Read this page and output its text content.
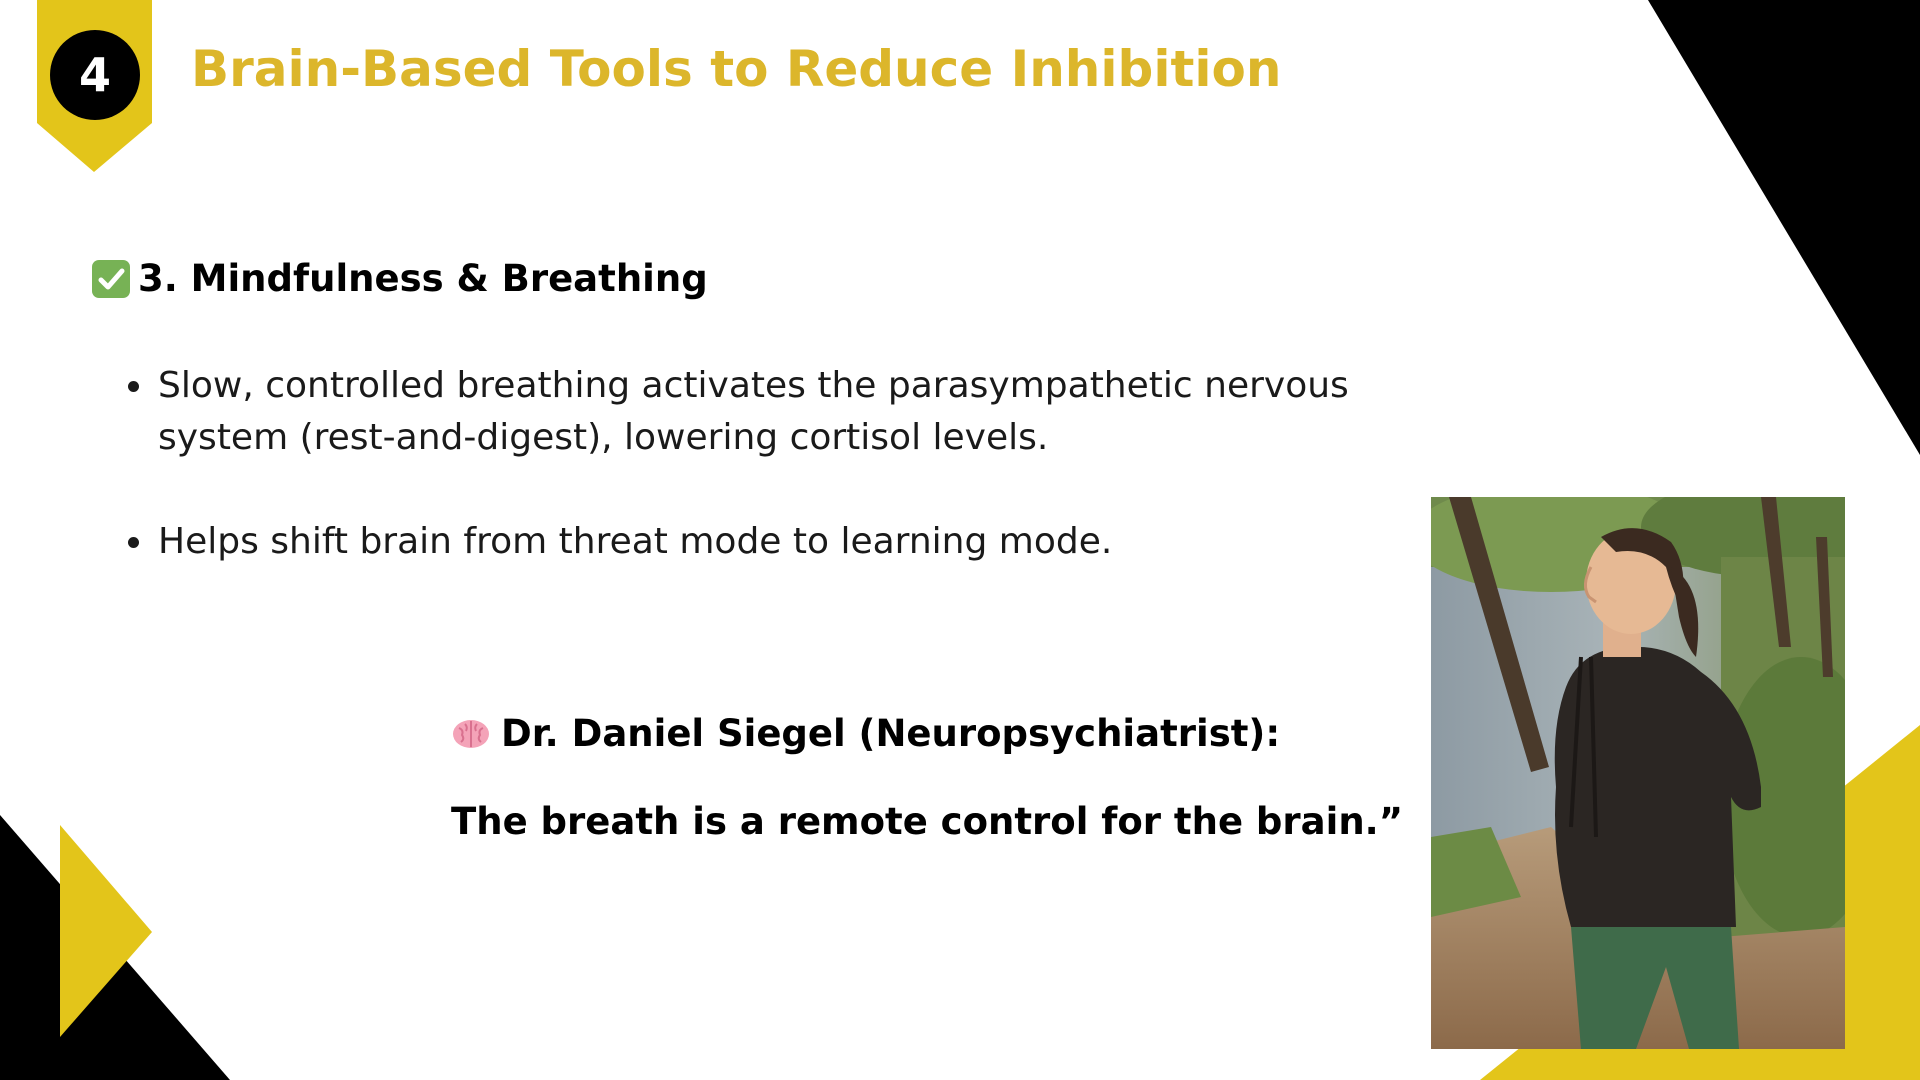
4	Brain-Based Tools to Reduce Inhibition
3. Mindfulness & Breathing
Slow, controlled breathing activates the parasympathetic nervous system (rest-and-digest), lowering cortisol levels.
Helps shift brain from threat mode to learning mode.
Dr. Daniel Siegel (Neuropsychiatrist):

The breath is a remote control for the brain.”
